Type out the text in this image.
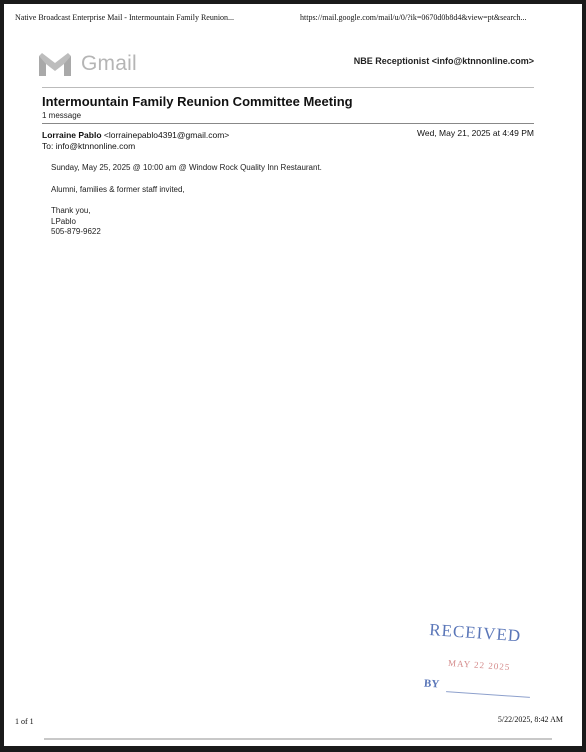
Native Broadcast Enterprise Mail - Intermountain Family Reunion...	https://mail.google.com/mail/u/0/?ik=0670d0b8d4&view=pt&search...
Gmail	NBE Receptionist <info@ktnnonline.com>
Intermountain Family Reunion Committee Meeting
1 message
Lorraine Pablo <lorrainepablo4391@gmail.com>	Wed, May 21, 2025 at 4:49 PM
To: info@ktnnonline.com

Sunday, May 25, 2025 @ 10:00 am @ Window Rock Quality Inn Restaurant.

Alumni, families & former staff invited,

Thank you,
LPablo
505-879-9622
RECEIVED
MAY 22 2025
BY
1 of 1	5/22/2025, 8:42 AM
